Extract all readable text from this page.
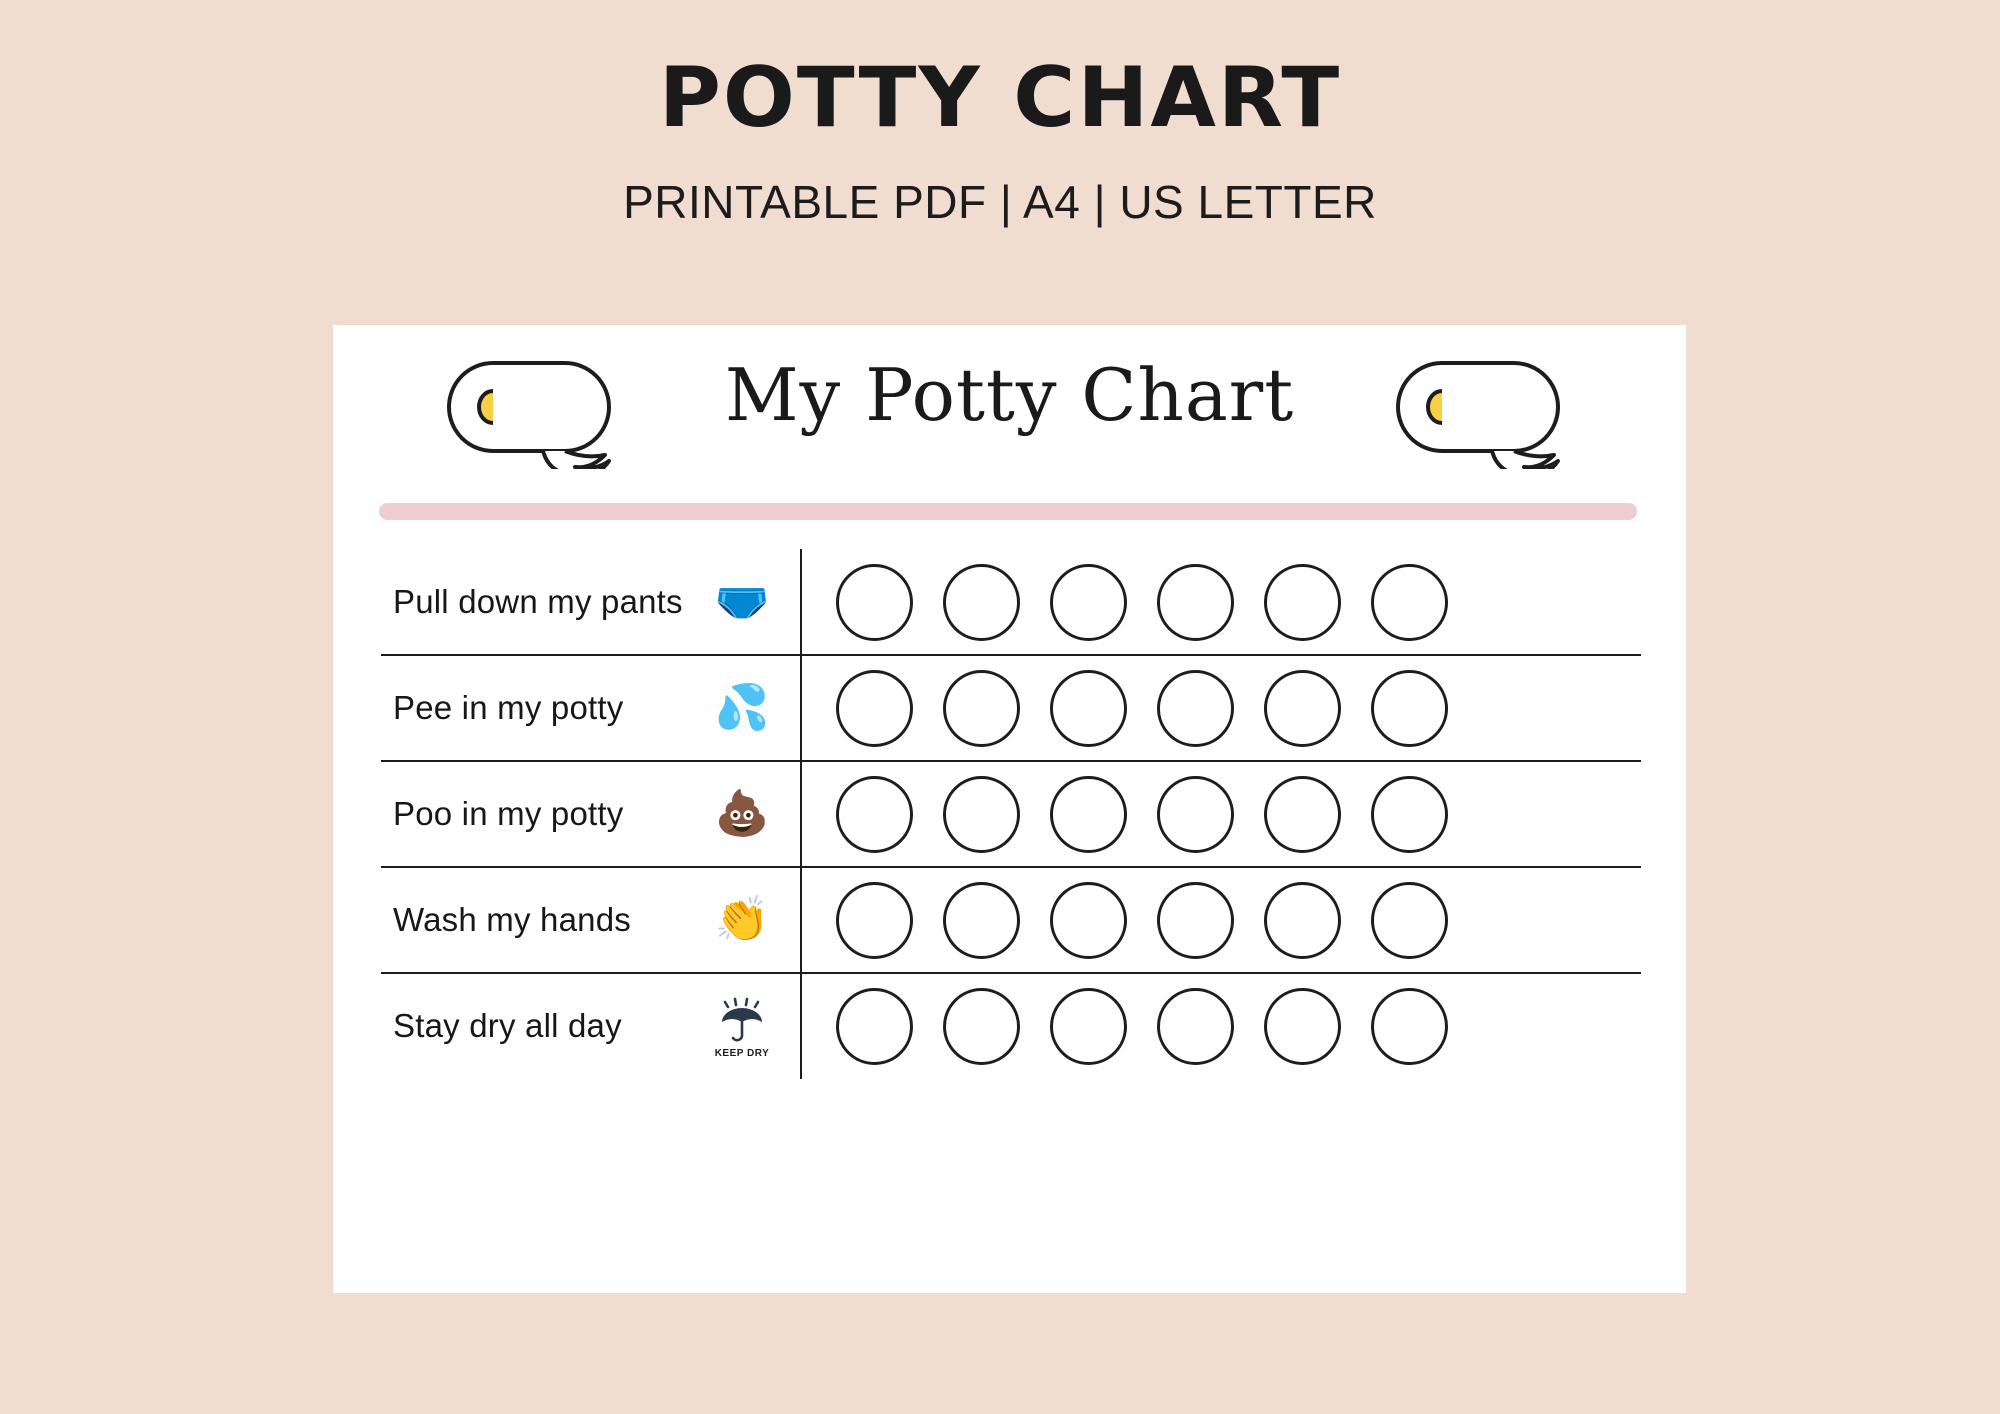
POTTY CHART
PRINTABLE PDF | A4 | US LETTER
My Potty Chart
Pull down my pants 🩲
Pee in my potty	💦
Poo in my potty	💩
Wash my hands	👏
Stay dry all day
KEEP DRY
